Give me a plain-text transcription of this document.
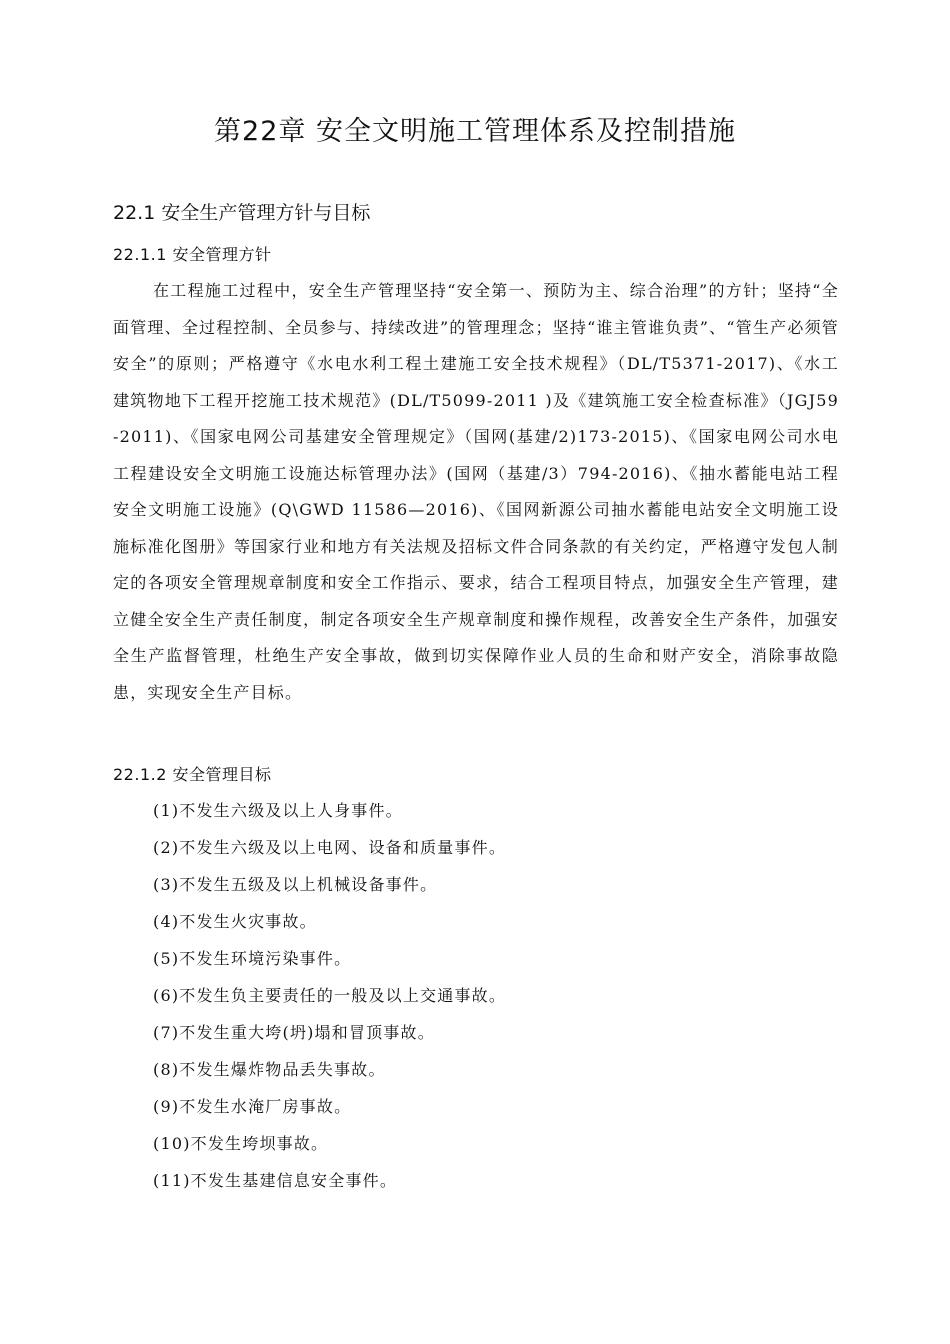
第22章 安全文明施工管理体系及控制措施
22.1 安全生产管理方针与目标
22.1.1 安全管理方针

在工程施工过程中，安全生产管理坚持“安全第一、预防为主、综合治理”的方针；坚持“全面管理、全过程控制、全员参与、持续改进”的管理理念；坚持“谁主管谁负责”、“管生产必须管安全”的原则；严格遵守《水电水利工程土建施工安全技术规程》（DL/T5371-2017)、《水工建筑物地下工程开挖施工技术规范》(DL/T5099-2011 )及《建筑施工安全检查标准》（JGJ59-2011)、《国家电网公司基建安全管理规定》（国网(基建/2)173-2015)、《国家电网公司水电工程建设安全文明施工设施达标管理办法》(国网（基建/3）794-2016)、《抽水蓄能电站工程安全文明施工设施》(Q\GWD 11586—2016)、《国网新源公司抽水蓄能电站安全文明施工设施标准化图册》等国家行业和地方有关法规及招标文件合同条款的有关约定，严格遵守发包人制定的各项安全管理规章制度和安全工作指示、要求，结合工程项目特点，加强安全生产管理，建立健全安全生产责任制度，制定各项安全生产规章制度和操作规程，改善安全生产条件，加强安全生产监督管理，杜绝生产安全事故，做到切实保障作业人员的生命和财产安全，消除事故隐患，实现安全生产目标。

22.1.2 安全管理目标
(1)不发生六级及以上人身事件。
(2)不发生六级及以上电网、设备和质量事件。
(3)不发生五级及以上机械设备事件。
(4)不发生火灾事故。
(5)不发生环境污染事件。
(6)不发生负主要责任的一般及以上交通事故。
(7)不发生重大垮(坍)塌和冒顶事故。
(8)不发生爆炸物品丢失事故。
(9)不发生水淹厂房事故。
(10)不发生垮坝事故。
(11)不发生基建信息安全事件。
